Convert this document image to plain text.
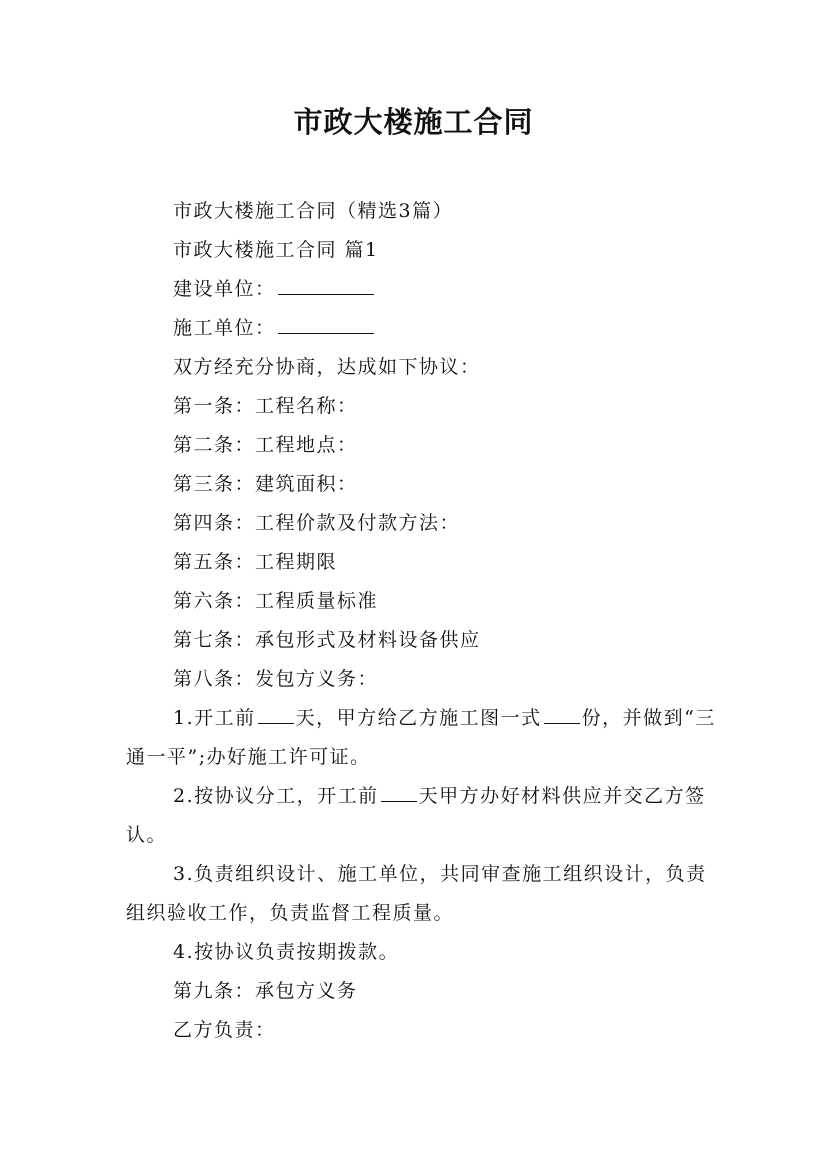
市政大楼施工合同
市政大楼施工合同（精选3篇）
市政大楼施工合同 篇1
建设单位：
施工单位：
双方经充分协商，达成如下协议：
第一条：工程名称：
第二条：工程地点：
第三条：建筑面积：
第四条：工程价款及付款方法：
第五条：工程期限
第六条：工程质量标准
第七条：承包形式及材料设备供应
第八条：发包方义务：
1.开工前 天，甲方给乙方施工图一式 份，并做到“三通一平”;办好施工许可证。
2.按协议分工，开工前 天甲方办好材料供应并交乙方签认。
3.负责组织设计、施工单位，共同审查施工组织设计，负责组织验收工作，负责监督工程质量。
4.按协议负责按期拨款。
第九条：承包方义务
乙方负责：
